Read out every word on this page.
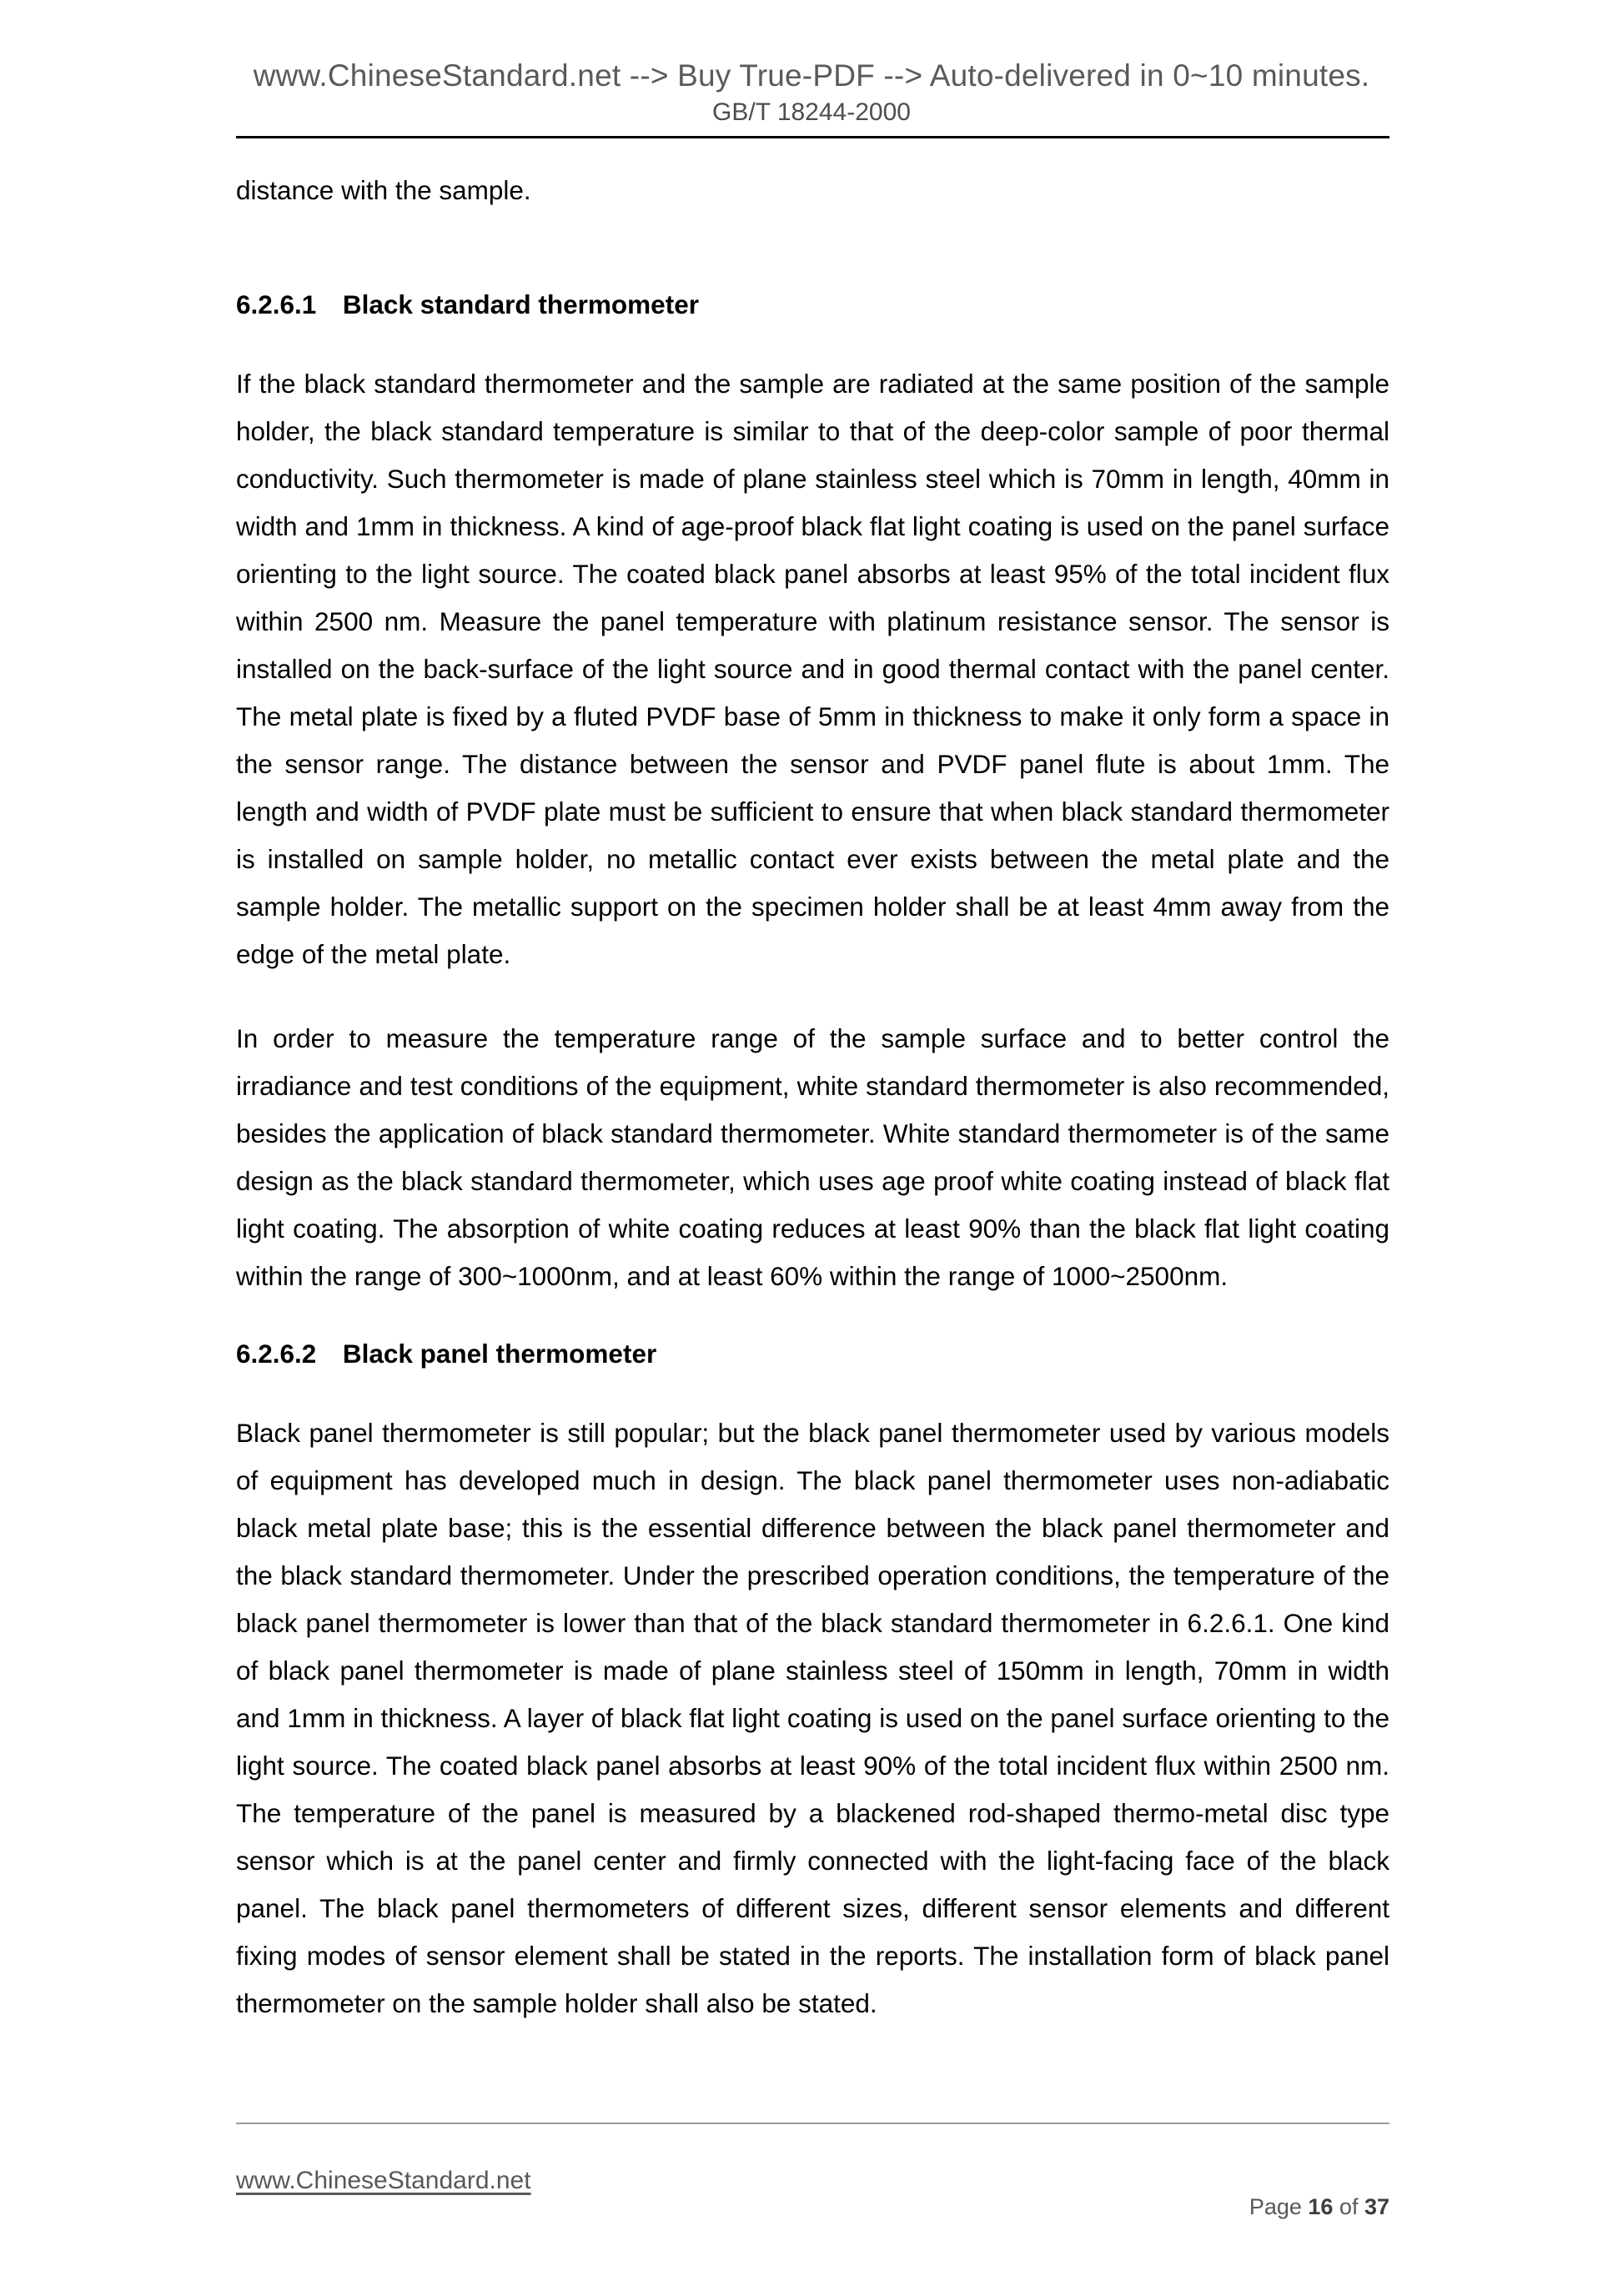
www.ChineseStandard.net --> Buy True-PDF --> Auto-delivered in 0~10 minutes.
GB/T 18244-2000

distance with the sample.

6.2.6.1 Black standard thermometer

If the black standard thermometer and the sample are radiated at the same position of the sample holder, the black standard temperature is similar to that of the deep-color sample of poor thermal conductivity. Such thermometer is made of plane stainless steel which is 70mm in length, 40mm in width and 1mm in thickness. A kind of age-proof black flat light coating is used on the panel surface orienting to the light source. The coated black panel absorbs at least 95% of the total incident flux within 2500 nm. Measure the panel temperature with platinum resistance sensor. The sensor is installed on the back-surface of the light source and in good thermal contact with the panel center. The metal plate is fixed by a fluted PVDF base of 5mm in thickness to make it only form a space in the sensor range. The distance between the sensor and PVDF panel flute is about 1mm. The length and width of PVDF plate must be sufficient to ensure that when black standard thermometer is installed on sample holder, no metallic contact ever exists between the metal plate and the sample holder. The metallic support on the specimen holder shall be at least 4mm away from the edge of the metal plate.

In order to measure the temperature range of the sample surface and to better control the irradiance and test conditions of the equipment, white standard thermometer is also recommended, besides the application of black standard thermometer. White standard thermometer is of the same design as the black standard thermometer, which uses age proof white coating instead of black flat light coating. The absorption of white coating reduces at least 90% than the black flat light coating within the range of 300~1000nm, and at least 60% within the range of 1000~2500nm.

6.2.6.2 Black panel thermometer

Black panel thermometer is still popular; but the black panel thermometer used by various models of equipment has developed much in design. The black panel thermometer uses non-adiabatic black metal plate base; this is the essential difference between the black panel thermometer and the black standard thermometer. Under the prescribed operation conditions, the temperature of the black panel thermometer is lower than that of the black standard thermometer in 6.2.6.1. One kind of black panel thermometer is made of plane stainless steel of 150mm in length, 70mm in width and 1mm in thickness. A layer of black flat light coating is used on the panel surface orienting to the light source. The coated black panel absorbs at least 90% of the total incident flux within 2500 nm. The temperature of the panel is measured by a blackened rod-shaped thermo-metal disc type sensor which is at the panel center and firmly connected with the light-facing face of the black panel. The black panel thermometers of different sizes, different sensor elements and different fixing modes of sensor element shall be stated in the reports. The installation form of black panel thermometer on the sample holder shall also be stated.

www.ChineseStandard.net

Page 16 of 37
